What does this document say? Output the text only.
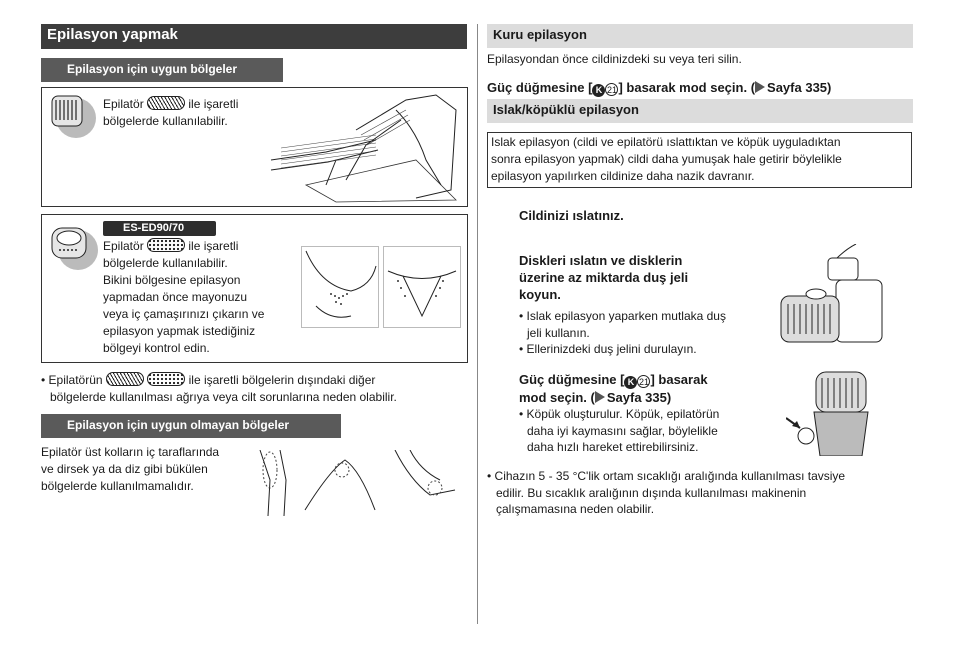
Epilasyon yapmak
Epilasyon için uygun bölgeler
Epilatör	ile işaretli
bölgelerde kullanılabilir.
ES-ED90/70
Epilatör	ile işaretli
bölgelerde kullanılabilir.
Bikini bölgesine epilasyon
yapmadan önce mayonuzu
veya iç çamaşırınızı çıkarın ve
epilasyon yapmak istediğiniz
bölgeyi kontrol edin.
• Epilatörün	ile işaretli bölgelerin dışındaki diğer
bölgelerde kullanılması ağrıya veya cilt sorunlarına neden olabilir.
Epilasyon için uygun olmayan bölgeler
Epilatör üst kolların iç taraflarında
ve dirsek ya da diz gibi bükülen
bölgelerde kullanılmamalıdır.
Kuru epilasyon
Epilasyondan önce cildinizdeki su veya teri silin.
Güç düğmesine [ K 21 ] basarak mod seçin. ( Sayfa 335)
Islak/köpüklü epilasyon
Islak epilasyon (cildi ve epilatörü ıslattıktan ve köpük uyguladıktan
sonra epilasyon yapmak) cildi daha yumuşak hale getirir böylelikle
epilasyon yapılırken cildinize daha nazik davranır.
Cildinizi ıslatınız.
Diskleri ıslatın ve disklerin
üzerine az miktarda duş jeli
koyun.
• Islak epilasyon yaparken mutlaka duş
jeli kullanın.
• Ellerinizdeki duş jelini durulayın.
Güç düğmesine [ K 21 ] basarak
mod seçin. ( Sayfa 335)
• Köpük oluşturulur. Köpük, epilatörün
daha iyi kaymasını sağlar, böylelikle
daha hızlı hareket ettirebilirsiniz.
• Cihazın 5 - 35 °C'lik ortam sıcaklığı aralığında kullanılması tavsiye
edilir. Bu sıcaklık aralığının dışında kullanılması makinenin
çalışmamasına neden olabilir.
